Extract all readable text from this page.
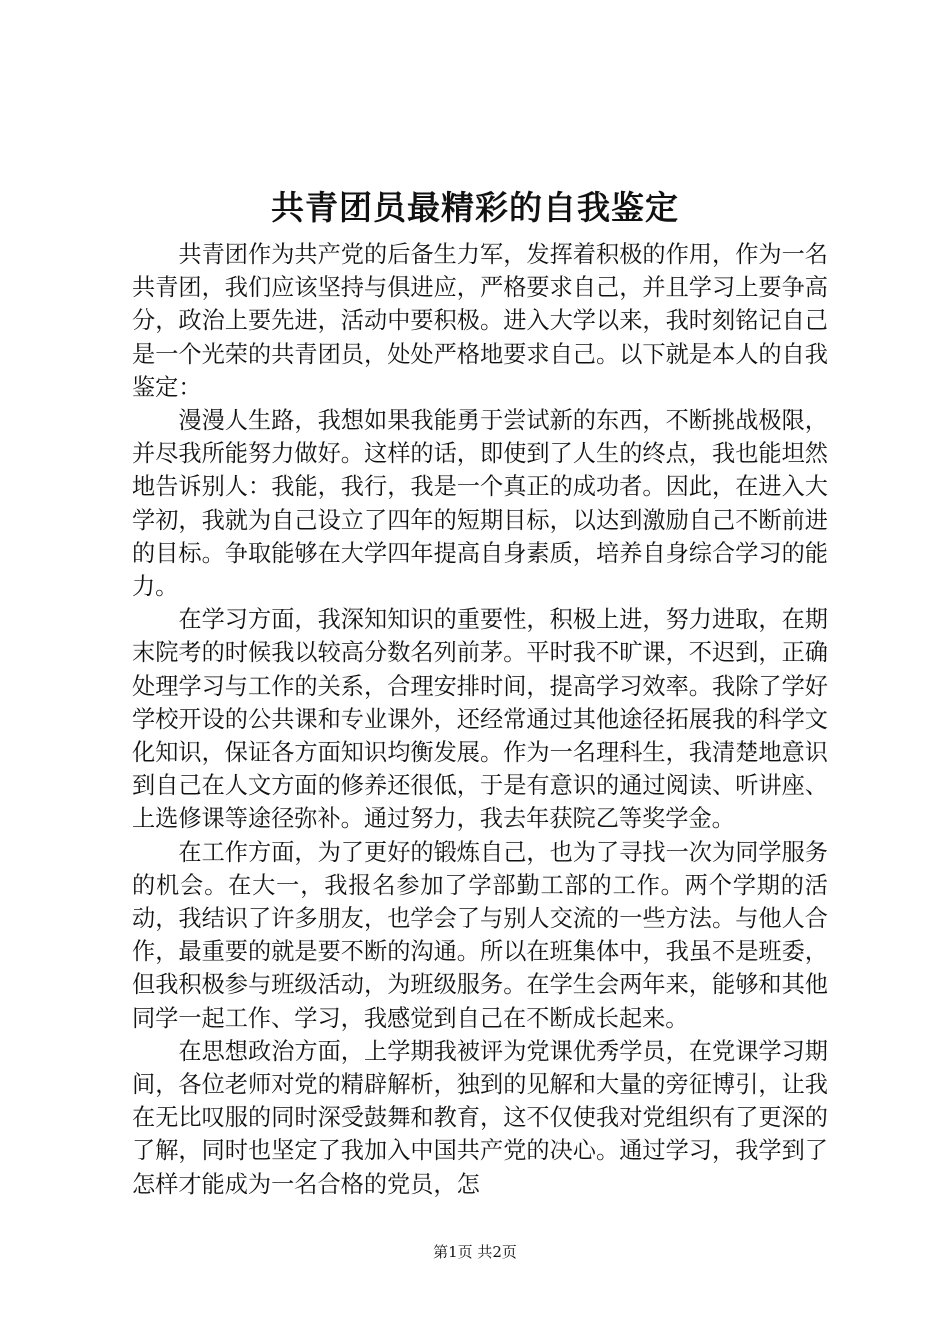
共青团员最精彩的自我鉴定

共青团作为共产党的后备生力军，发挥着积极的作用，作为一名共青团，我们应该坚持与俱进应，严格要求自己，并且学习上要争高分，政治上要先进，活动中要积极。进入大学以来，我时刻铭记自己是一个光荣的共青团员，处处严格地要求自己。以下就是本人的自我鉴定：

漫漫人生路，我想如果我能勇于尝试新的东西，不断挑战极限，并尽我所能努力做好。这样的话，即使到了人生的终点，我也能坦然地告诉别人：我能，我行，我是一个真正的成功者。因此，在进入大学初，我就为自己设立了四年的短期目标，以达到激励自己不断前进的目标。争取能够在大学四年提高自身素质，培养自身综合学习的能力。

在学习方面，我深知知识的重要性，积极上进，努力进取，在期末院考的时候我以较高分数名列前茅。平时我不旷课，不迟到，正确处理学习与工作的关系，合理安排时间，提高学习效率。我除了学好学校开设的公共课和专业课外，还经常通过其他途径拓展我的科学文化知识，保证各方面知识均衡发展。作为一名理科生，我清楚地意识到自己在人文方面的修养还很低，于是有意识的通过阅读、听讲座、上选修课等途径弥补。通过努力，我去年获院乙等奖学金。

在工作方面，为了更好的锻炼自己，也为了寻找一次为同学服务的机会。在大一，我报名参加了学部勤工部的工作。两个学期的活动，我结识了许多朋友，也学会了与别人交流的一些方法。与他人合作，最重要的就是要不断的沟通。所以在班集体中，我虽不是班委，但我积极参与班级活动，为班级服务。在学生会两年来，能够和其他同学一起工作、学习，我感觉到自己在不断成长起来。

在思想政治方面，上学期我被评为党课优秀学员，在党课学习期间，各位老师对党的精辟解析，独到的见解和大量的旁征博引，让我在无比叹服的同时深受鼓舞和教育，这不仅使我对党组织有了更深的了解，同时也坚定了我加入中国共产党的决心。通过学习，我学到了怎样才能成为一名合格的党员，怎

第1页 共2页
